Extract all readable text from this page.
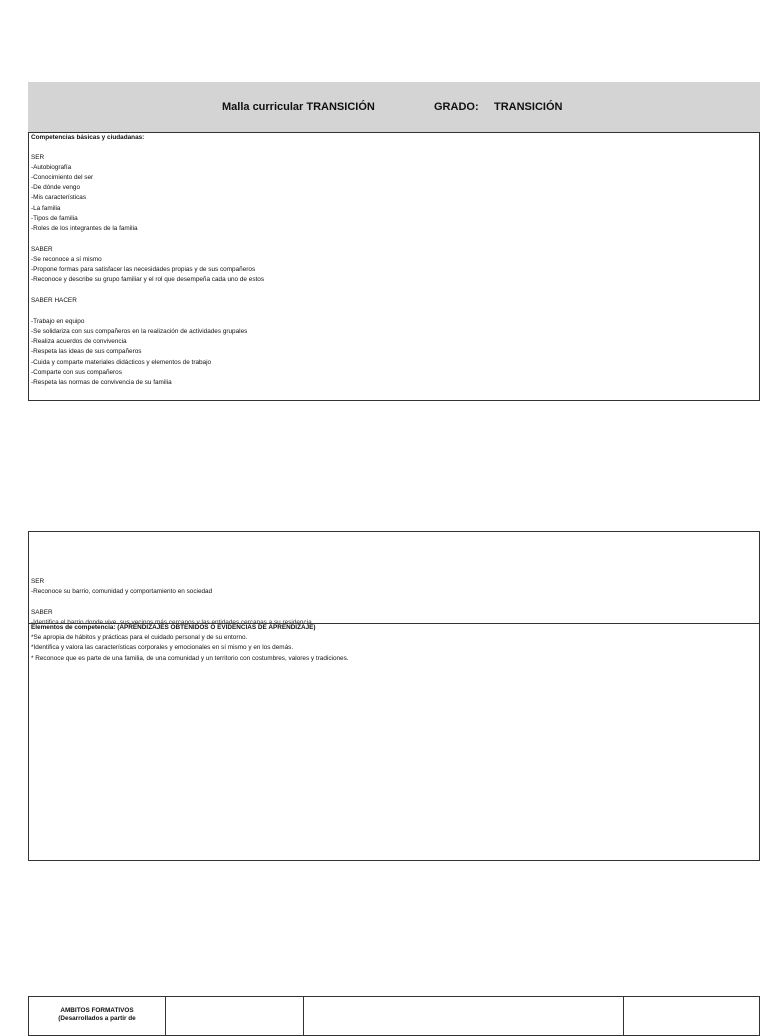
Malla curricular TRANSICIÓN	GRADO: TRANSICIÓN
Competencias básicas y ciudadanas:
SER
-Autobiografía
-Conocimiento del ser
-De dónde vengo
-Mis características
-La familia
-Tipos de familia
-Roles de los integrantes de la familia
SABER
-Se reconoce a sí mismo
-Propone formas para satisfacer las necesidades propias y de sus compañeros
-Reconoce y describe su grupo familiar y el rol que desempeña cada uno de estos
SABER HACER
-Trabajo en equipo
-Se solidariza con sus compañeros en la realización de actividades grupales
-Realiza acuerdos de convivencia
-Respeta las ideas de sus compañeros
-Cuida y comparte materiales didácticos y elementos de trabajo
-Comparte con sus compañeros
-Respeta las normas de convivencia de su familia
SER
-Reconoce su barrio, comunidad y comportamiento en sociedad
SABER
Elementos de competencia: (APRENDIZAJES OBTENIDOS O EVIDENCIAS DE APRENDIZAJE)
*Se apropia de hábitos y prácticas para el cuidado personal y de su entorno.
*Identifica y valora las características corporales y emocionales en sí mismo y en los demás.
* Reconoce que es parte de una familia, de una comunidad y un territorio con costumbres, valores y tradiciones.
AMBITOS FORMATIVOS
(Desarrollados a partir de
